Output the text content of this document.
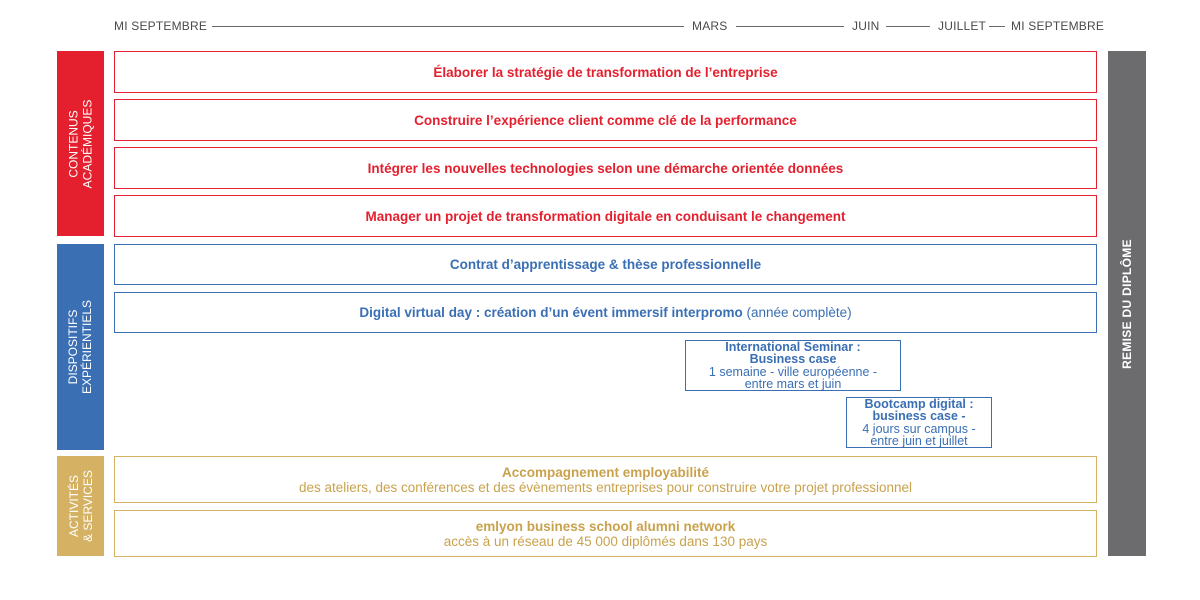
MI SEPTEMBRE	MARS	JUIN	JUILLET MI SEPTEMBRE
CONTENUS ACADÉMIQUES
DISPOSITIFS EXPÉRIENTIELS
ACTIVITÉS & SERVICES
Élaborer la stratégie de transformation de l’entreprise
Construire l’expérience client comme clé de la performance
Intégrer les nouvelles technologies selon une démarche orientée données
Manager un projet de transformation digitale en conduisant le changement
Contrat d’apprentissage & thèse professionnelle
Digital virtual day : création d’un évent immersif interpromo (année complète)
International Seminar :
Business case
1 semaine - ville européenne -
entre mars et juin
Bootcamp digital :
business case -
4 jours sur campus -
entre juin et juillet
Accompagnement employabilité
des ateliers, des conférences et des évènements entreprises pour construire votre projet professionnel
emlyon business school alumni network
accès à un réseau de 45 000 diplômés dans 130 pays
REMISE DU DIPLÔME
